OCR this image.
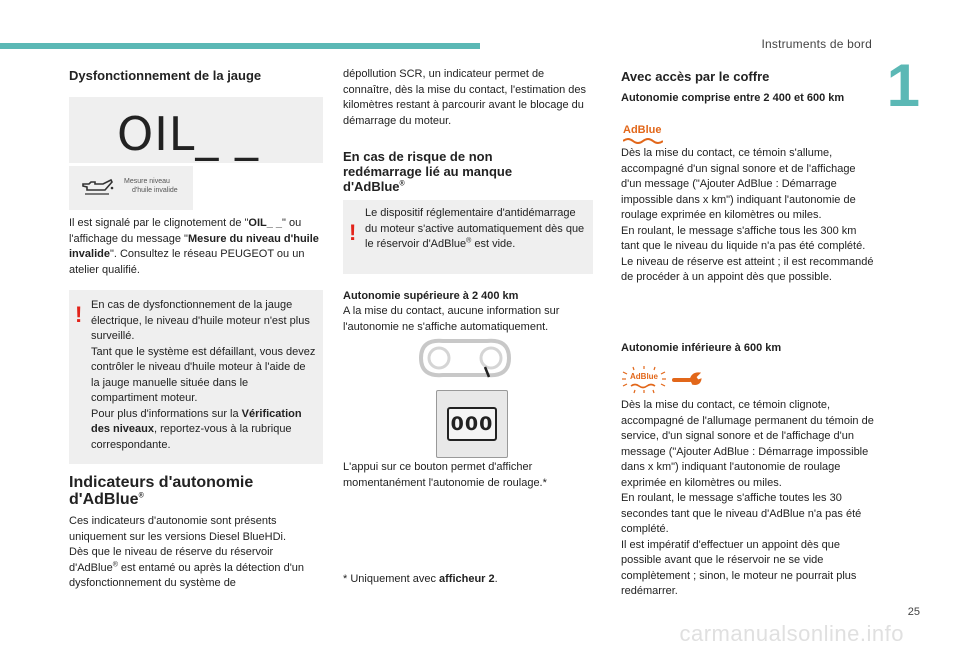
Instruments de bord
1
Dysfonctionnement de la jauge
OIL_ _
Mesure niveau
d'huile invalide

Il est signalé par le clignotement de "OIL_ _" ou l'affichage du message "Mesure du niveau d'huile invalide". Consultez le réseau PEUGEOT ou un atelier qualifié.

! En cas de dysfonctionnement de la jauge électrique, le niveau d'huile moteur n'est plus surveillé.
Tant que le système est défaillant, vous devez contrôler le niveau d'huile moteur à l'aide de la jauge manuelle située dans le compartiment moteur.
Pour plus d'informations sur la Vérification des niveaux, reportez-vous à la rubrique correspondante.

Indicateurs d'autonomie d'AdBlue®

Ces indicateurs d'autonomie sont présents uniquement sur les versions Diesel BlueHDi.
Dès que le niveau de réserve du réservoir d'AdBlue® est entamé ou après la détection d'un dysfonctionnement du système de

dépollution SCR, un indicateur permet de connaître, dès la mise du contact, l'estimation des kilomètres restant à parcourir avant le blocage du démarrage du moteur.

En cas de risque de non redémarrage lié au manque d'AdBlue®
!

Le dispositif réglementaire d'antidémarrage du moteur s'active automatiquement dès que le réservoir d'AdBlue® est vide.

Autonomie supérieure à 2 400 km

A la mise du contact, aucune information sur l'autonomie ne s'affiche automatiquement.

000

L'appui sur ce bouton permet d'afficher momentanément l'autonomie de roulage.*

* Uniquement avec afficheur 2.

Avec accès par le coffre
Autonomie comprise entre 2 400 et 600 km
AdBlue

Dès la mise du contact, ce témoin s'allume, accompagné d'un signal sonore et de l'affichage d'un message ("Ajouter AdBlue : Démarrage impossible dans x km") indiquant l'autonomie de roulage exprimée en kilomètres ou miles.
En roulant, le message s'affiche tous les 300 km tant que le niveau du liquide n'a pas été complété.
Le niveau de réserve est atteint ; il est recommandé de procéder à un appoint dès que possible.

Autonomie inférieure à 600 km
AdBlue

Dès la mise du contact, ce témoin clignote, accompagné de l'allumage permanent du témoin de service, d'un signal sonore et de l'affichage d'un message ("Ajouter AdBlue : Démarrage impossible dans x km") indiquant l'autonomie de roulage exprimée en kilomètres ou miles.
En roulant, le message s'affiche toutes les 30 secondes tant que le niveau d'AdBlue n'a pas été complété.
Il est impératif d'effectuer un appoint dès que possible avant que le réservoir ne se vide complètement ; sinon, le moteur ne pourrait plus redémarrer.

25
carmanualsonline.info
